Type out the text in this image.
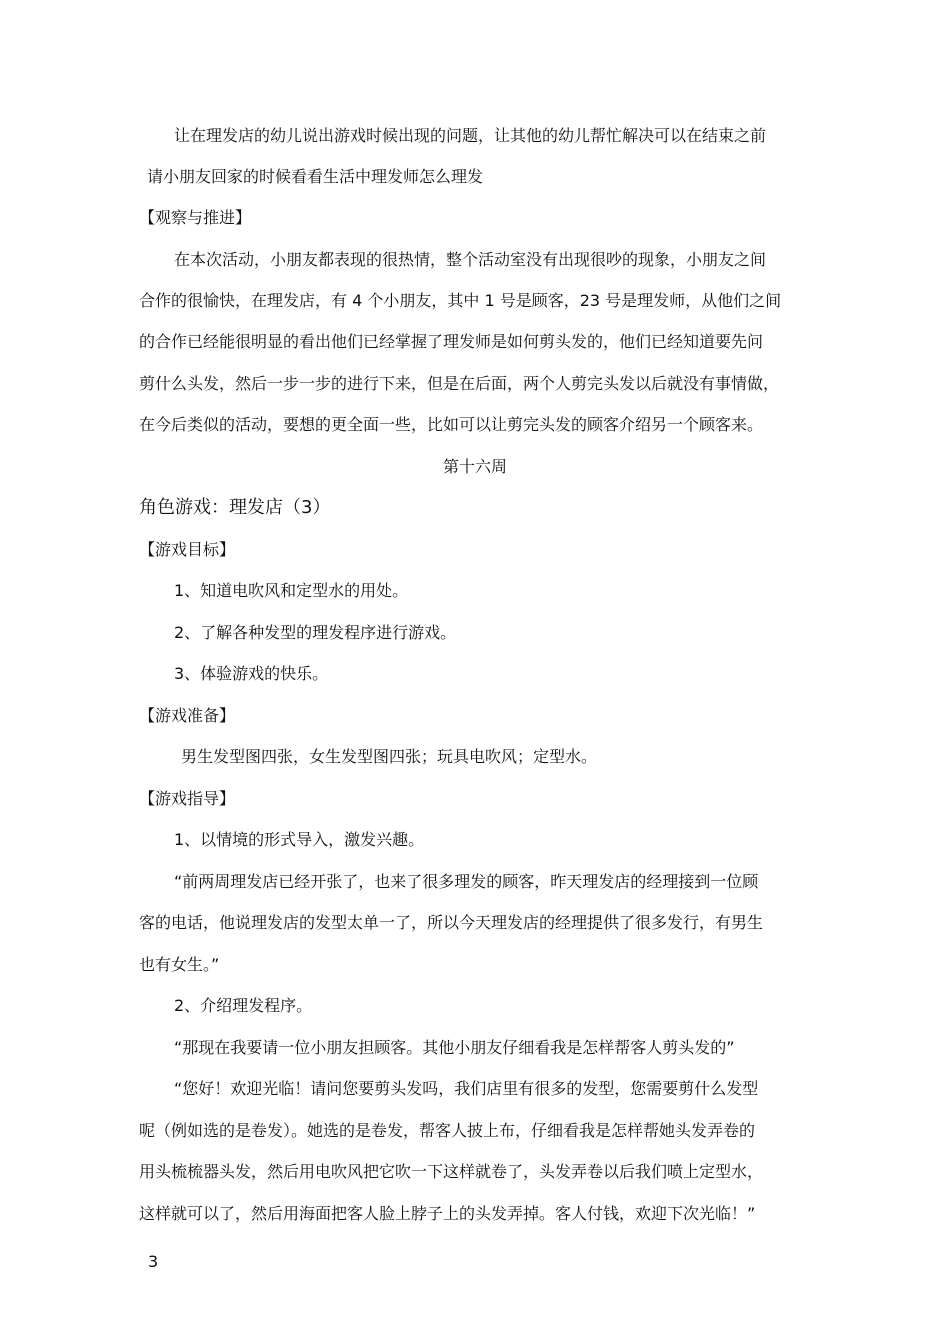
让在理发店的幼儿说出游戏时候出现的问题，让其他的幼儿帮忙解决可以在结束之前
请小朋友回家的时候看看生活中理发师怎么理发
【观察与推进】
在本次活动，小朋友都表现的很热情，整个活动室没有出现很吵的现象，小朋友之间
合作的很愉快，在理发店，有 4 个小朋友，其中 1 号是顾客，23 号是理发师，从他们之间
的合作已经能很明显的看出他们已经掌握了理发师是如何剪头发的，他们已经知道要先问
剪什么头发，然后一步一步的进行下来，但是在后面，两个人剪完头发以后就没有事情做，
在今后类似的活动，要想的更全面一些，比如可以让剪完头发的顾客介绍另一个顾客来。
第十六周
角色游戏：理发店（3）
【游戏目标】
1、知道电吹风和定型水的用处。
2、了解各种发型的理发程序进行游戏。
3、体验游戏的快乐。
【游戏准备】
男生发型图四张，女生发型图四张；玩具电吹风；定型水。
【游戏指导】
1、以情境的形式导入，激发兴趣。
“前两周理发店已经开张了，也来了很多理发的顾客，昨天理发店的经理接到一位顾
客的电话，他说理发店的发型太单一了，所以今天理发店的经理提供了很多发行，有男生
也有女生。”
2、介绍理发程序。
“那现在我要请一位小朋友担顾客。其他小朋友仔细看我是怎样帮客人剪头发的”
“您好！欢迎光临！请问您要剪头发吗，我们店里有很多的发型，您需要剪什么发型
呢（例如选的是卷发）。她选的是卷发，帮客人披上布，仔细看我是怎样帮她头发弄卷的
用头梳梳器头发，然后用电吹风把它吹一下这样就卷了，头发弄卷以后我们喷上定型水，
这样就可以了，然后用海面把客人脸上脖子上的头发弄掉。客人付钱，欢迎下次光临！”
3
